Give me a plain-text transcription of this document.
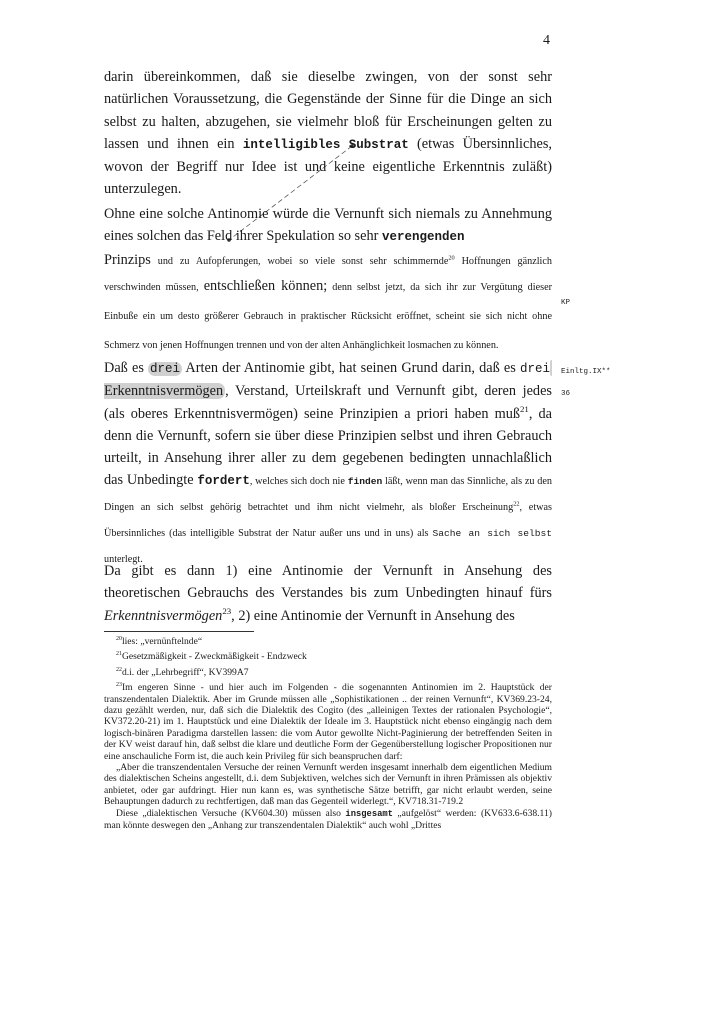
4

darin übereinkommen, daß sie dieselbe zwingen, von der sonst sehr natürlichen Voraussetzung, die Gegenstände der Sinne für die Dinge an sich selbst zu halten, abzugehen, sie vielmehr bloß für Erscheinungen gelten zu lassen und ihnen ein intelligibles Substrat (etwas Übersinnliches, wovon der Begriff nur Idee ist und keine eigentliche Erkenntnis zuläßt) unterzulegen.

Ohne eine solche Antinomie würde die Vernunft sich niemals zu Annehmung eines solchen das Feld ihrer Spekulation so sehr verengenden
Prinzips und zu Aufopferungen, wobei so viele sonst sehr schimmernde$^{20}$ Hoffnungen gänzlich verschwinden müssen, entschließen können; denn selbst jetzt, da sich ihr zur Vergütung dieser Einbuße ein um desto größerer Gebrauch in praktischer Rücksicht eröffnet, scheint sie sich nicht ohne Schmerz von jenen Hoffnungen trennen und von der alten Anhänglichkeit losmachen zu können.

KP

Daß es drei Arten der Antinomie gibt, hat seinen Grund darin, daß es drei Erkenntnisvermögen , Verstand, Urteilskraft und Vernunft gibt, deren jedes (als oberes Erkenntnisvermögen) seine Prinzipien a priori haben muß$^{21}$, da denn die Vernunft, sofern sie über diese Prinzipien selbst und ihren Gebrauch urteilt, in Ansehung ihrer aller zu dem gegebenen bedingten unnachlaßlich das Unbedingte fordert, welches sich doch nie finden läßt, wenn man das Sinnliche, als zu den Dingen an sich selbst gehörig betrachtet und ihm nicht vielmehr, als bloßer Erscheinung$^{22}$, etwas Übersinnliches (das intelligible Substrat der Natur außer uns und in uns) als Sache an sich selbst unterlegt.

Einltg.IX**
36

Da gibt es dann 1) eine Antinomie der Vernunft in Ansehung des theoretischen Gebrauchs des Verstandes bis zum Unbedingten hinauf fürs Erkenntnisvermögen$^{23}$, 2) eine Antinomie der Vernunft in Ansehung des

$^{20}$lies: „vernünftelnde“

$^{21}$Gesetzmäßigkeit - Zweckmäßigkeit - Endzweck

$^{22}$d.i. der „Lehrbegriff“, KV399A7

$^{23}$Im engeren Sinne - und hier auch im Folgenden - die sogenannten Antinomien im 2. Hauptstück der transzendentalen Dialektik. Aber im Grunde müssen alle „Sophistikationen .. der reinen Vernunft“, KV369.23-24, dazu gezählt werden, nur, daß sich die Dialektik des Cogito (des „alleinigen Textes der rationalen Psychologie“, KV372.20-21) im 1. Hauptstück und eine Dialektik der Ideale im 3. Hauptstück nicht ebenso eingängig nach dem logisch-binären Paradigma darstellen lassen: die vom Autor gewollte Nicht-Paginierung der betreffenden Seiten in der KV weist darauf hin, daß selbst die klare und deutliche Form der Gegenüberstellung logischer Propositionen nur eine anschauliche Form ist, die auch kein Privileg für sich beanspruchen darf:

„Aber die transzendentalen Versuche der reinen Vernunft werden insgesamt innerhalb dem eigentlichen Medium des dialektischen Scheins angestellt, d.i. dem Subjektiven, welches sich der Vernunft in ihren Prämissen als objektiv anbietet, oder gar aufdringt. Hier nun kann es, was synthetische Sätze betrifft, gar nicht erlaubt werden, seine Behauptungen dadurch zu rechtfertigen, daß man das Gegenteil widerlegt.“, KV718.31-719.2

Diese „dialektischen Versuche (KV604.30) müssen also insgesamt „aufgelöst“ werden: (KV633.6-638.11) man könnte deswegen den „Anhang zur transzendentalen Dialektik“ auch wohl „Drittes
